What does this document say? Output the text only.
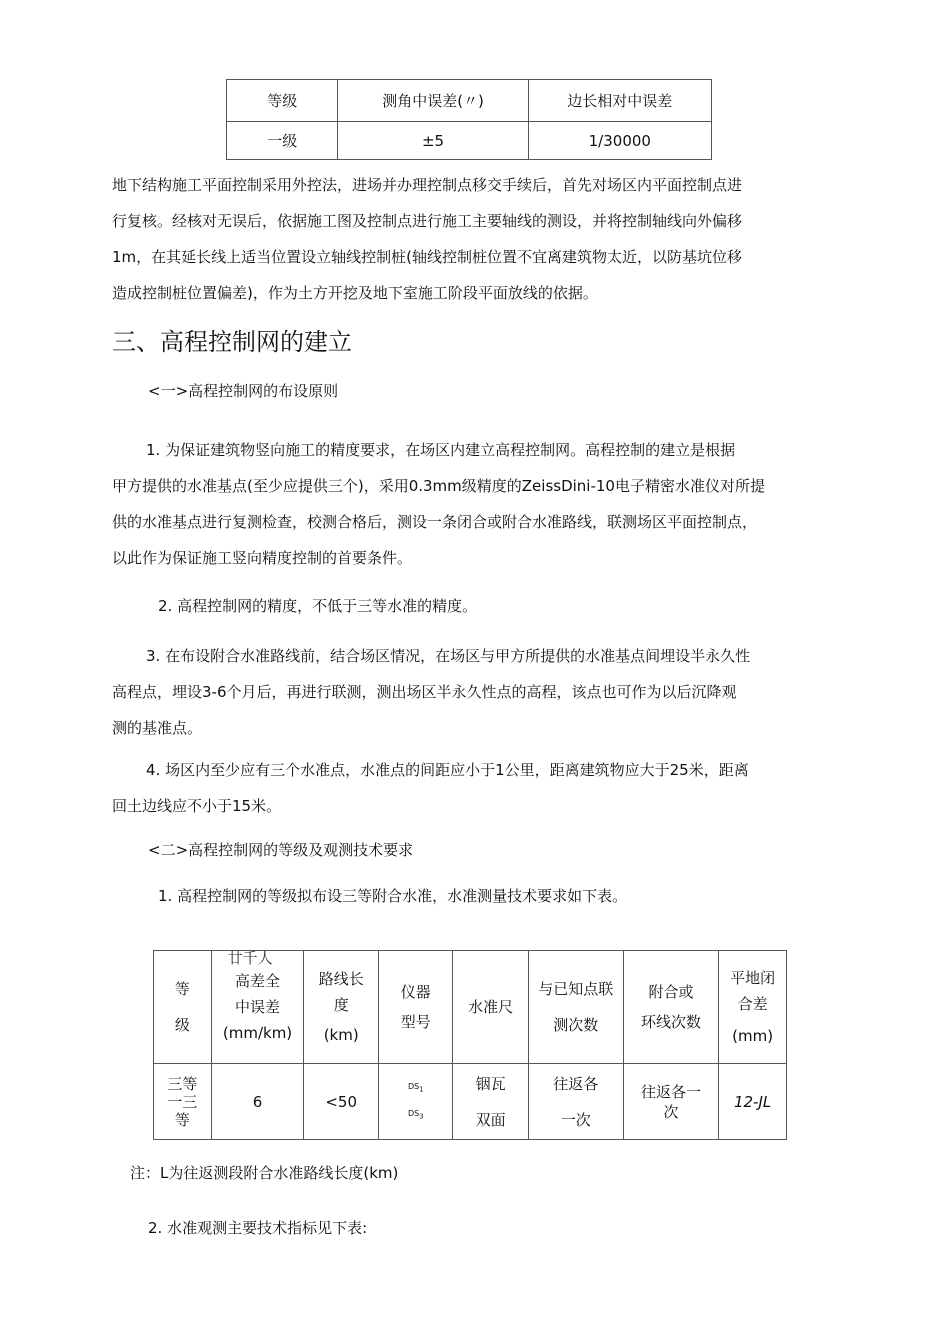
等级	测角中误差(〃)	边长相对中误差
一级	±5	1/30000
地下结构施工平面控制采用外控法，进场并办理控制点移交手续后，首先对场区内平面控制点进
行复核。经核对无误后，依据施工图及控制点进行施工主要轴线的测设，并将控制轴线向外偏移
1m，在其延长线上适当位置设立轴线控制桩(轴线控制桩位置不宜离建筑物太近，以防基坑位移
造成控制桩位置偏差)，作为土方开挖及地下室施工阶段平面放线的依据。
三、高程控制网的建立
<一>高程控制网的布设原则
1. 为保证建筑物竖向施工的精度要求，在场区内建立高程控制网。高程控制的建立是根据
甲方提供的水准基点(至少应提供三个)，采用0.3mm级精度的ZeissDini-10电子精密水准仪对所提
供的水准基点进行复测检查，校测合格后，测设一条闭合或附合水准路线，联测场区平面控制点，
以此作为保证施工竖向精度控制的首要条件。
2. 高程控制网的精度，不低于三等水准的精度。
3. 在布设附合水准路线前，结合场区情况，在场区与甲方所提供的水准基点间埋设半永久性
高程点，埋设3-6个月后，再进行联测，测出场区半永久性点的高程，该点也可作为以后沉降观
测的基准点。
4. 场区内至少应有三个水准点，水准点的间距应小于1公里，距离建筑物应大于25米，距离
回土边线应不小于15米。
<二>高程控制网的等级及观测技术要求
1. 高程控制网的等级拟布设三等附合水准，水准测量技术要求如下表。
等
级	廿千人
高差全
中误差
(mm/km)	路线长
度
(km)	仪器
型号	水准尺	与已知点联
测次数	附合或
环线次数	平地闭
合差
(mm)

三等
一三
等	6	<50	$DS_1$
$DS_3$	铟瓦
双面	往返各
一次	往返各一
次	12-JL
注：L为往返测段附合水准路线长度(km)
2. 水准观测主要技术指标见下表:
